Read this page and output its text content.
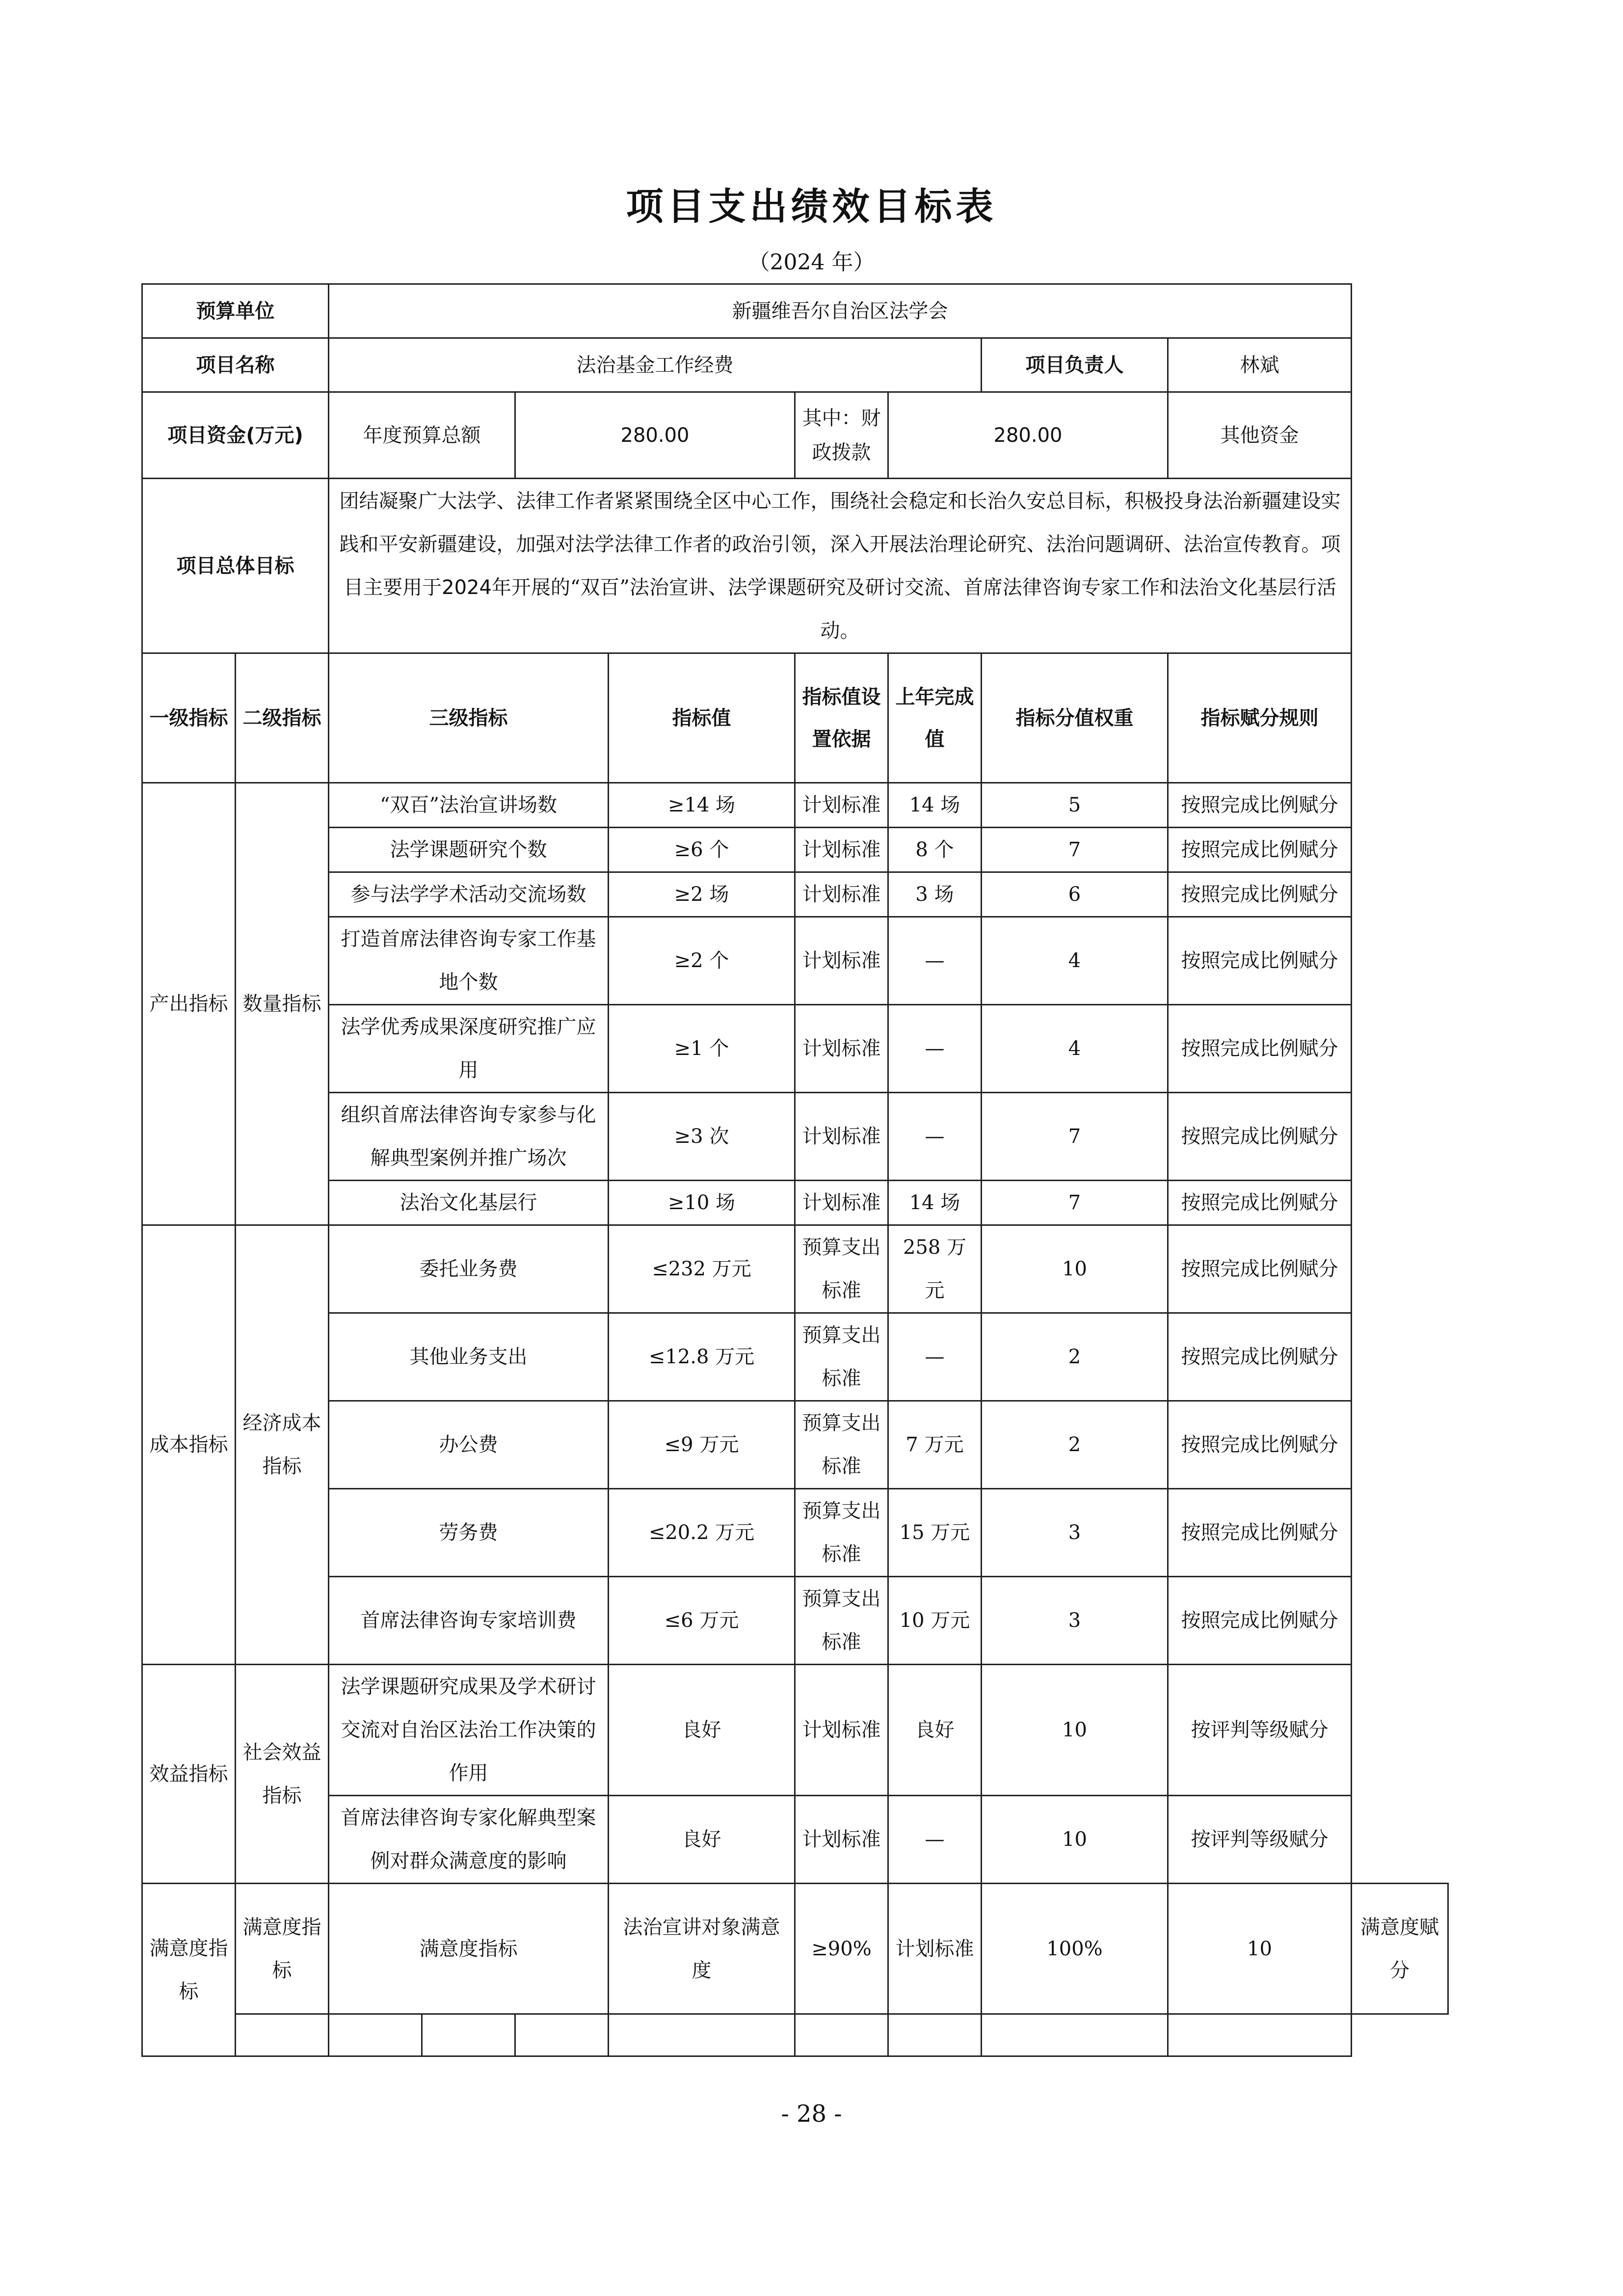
项目支出绩效目标表
（2024 年）
预算单位		新疆维吾尔自治区法学会								
项目名称		法治基金工作经费						项目负责人	林斌	
项目资金(万元)		年度预算总额		280.00		其中：财政拨款	280.00		其他资金	
项目总体目标		团结凝聚广大法学、法律工作者紧紧围绕全区中心工作，围绕社会稳定和长治久安总目标，积极投身法治新疆建设实践和平安新疆建设，加强对法学法律工作者的政治引领，深入开展法治理论研究、法治问题调研、法治宣传教育。项目主要用于2024年开展的“双百”法治宣讲、法学课题研究及研讨交流、首席法律咨询专家工作和法治文化基层行活动。								
一级指标	二级指标	三级指标			指标值	指标值设置依据	上年完成值	指标分值权重	指标赋分规则	
产出指标	数量指标	“双百”法治宣讲场数			≥14 场	计划标准	14 场	5	按照完成比例赋分	
		法学课题研究个数			≥6 个	计划标准	8 个	7	按照完成比例赋分	
		参与法学学术活动交流场数			≥2 场	计划标准	3 场	6	按照完成比例赋分	
		打造首席法律咨询专家工作基地个数			≥2 个	计划标准	—	4	按照完成比例赋分	
		法学优秀成果深度研究推广应用			≥1 个	计划标准	—	4	按照完成比例赋分	
		组织首席法律咨询专家参与化解典型案例并推广场次			≥3 次	计划标准	—	7	按照完成比例赋分	
		法治文化基层行			≥10 场	计划标准	14 场	7	按照完成比例赋分	
成本指标	经济成本指标	委托业务费			≤232 万元	预算支出标准	258 万元	10	按照完成比例赋分	
		其他业务支出			≤12.8 万元	预算支出标准	—	2	按照完成比例赋分	
		办公费			≤9 万元	预算支出标准	7 万元	2	按照完成比例赋分	
		劳务费			≤20.2 万元	预算支出标准	15 万元	3	按照完成比例赋分	
		首席法律咨询专家培训费			≤6 万元	预算支出标准	10 万元	3	按照完成比例赋分	
效益指标	社会效益指标	法学课题研究成果及学术研讨交流对自治区法治工作决策的作用			良好	计划标准	良好	10	按评判等级赋分	
		首席法律咨询专家化解典型案例对群众满意度的影响			良好	计划标准	—	10	按评判等级赋分	
满意度指标	满意度指标	满意度指标			法治宣讲对象满意度	≥90%	计划标准	100%	10	满意度赋分

- 28 -
